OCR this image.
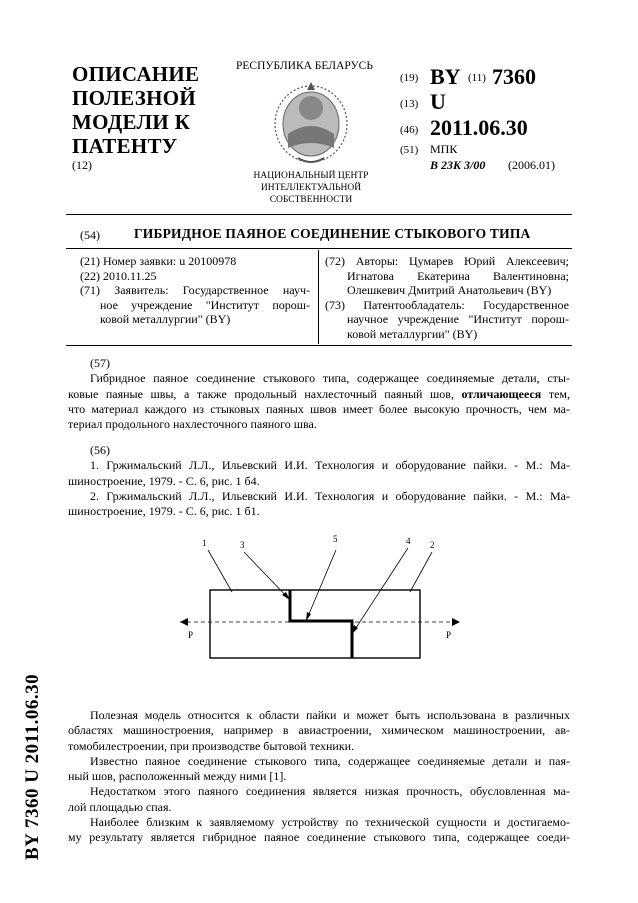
ОПИСАНИЕ
ПОЛЕЗНОЙ
МОДЕЛИ К
ПАТЕНТУ
(12)
РЕСПУБЛИКА БЕЛАРУСЬ
НАЦИОНАЛЬНЫЙ ЦЕНТР
ИНТЕЛЛЕКТУАЛЬНОЙ
СОБСТВЕННОСТИ
(19) BY (11) 7360
(13) U
(46) 2011.06.30
(51) МПК
B 23K 3/00 (2006.01)
(54)	ГИБРИДНОЕ ПАЯНОЕ СОЕДИНЕНИЕ СТЫКОВОГО ТИПА
(21) Номер заявки: u 20100978
(22) 2010.11.25
(71) Заявитель: Государственное науч-
ное учреждение "Институт порош-
ковой металлургии" (BY)
(72) Авторы: Цумарев Юрий Алексеевич;
Игнатова Екатерина Валентиновна;
Олешкевич Дмитрий Анатольевич (BY)
(73) Патентообладатель: Государственное
научное учреждение "Институт порош-
ковой металлургии" (BY)
(57)
Гибридное паяное соединение стыкового типа, содержащее соединяемые детали, сты-
ковые паяные швы, а также продольный нахлесточный паяный шов, отличающееся тем,
что материал каждого из стыковых паяных швов имеет более высокую прочность, чем ма-
териал продольного нахлесточного паяного шва.
(56)
1. Гржимальский Л.Л., Ильевский И.И. Технология и оборудование пайки. - М.: Ма-
шиностроение, 1979. - С. 6, рис. 1 б4.
2. Гржимальский Л.Л., Ильевский И.И. Технология и оборудование пайки. - М.: Ма-
шиностроение, 1979. - С. 6, рис. 1 б1.
P	P
1	3
5	4 2
Полезная модель относится к области пайки и может быть использована в различных
областях машиностроения, например в авиастроении, химическом машиностроении, ав-
томобилестроении, при производстве бытовой техники.
Известно паяное соединение стыкового типа, содержащее соединяемые детали и пая-
ный шов, расположенный между ними [1].
Недостатком этого паяного соединения является низкая прочность, обусловленная ма-
лой площадью спая.
Наиболее близким к заявляемому устройству по технической сущности и достигаемо-
му результату является гибридное паяное соединение стыкового типа, содержащее соеди-
BY 7360 U 2011.06.30
